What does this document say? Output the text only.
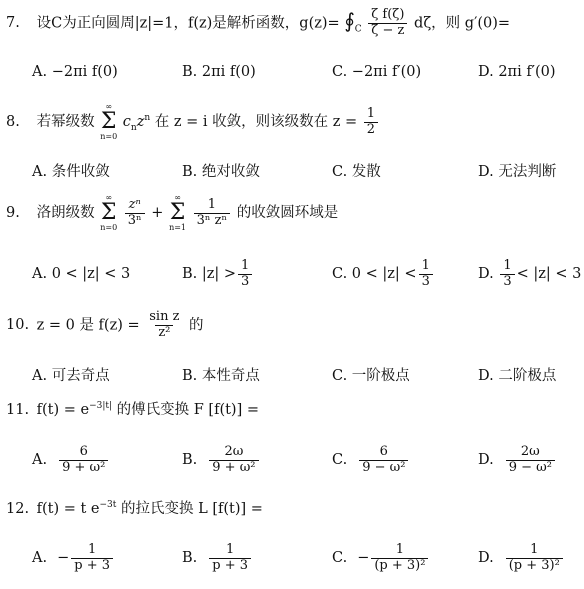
7. 设C为正向圆周|z|=1，f(z)是解析函数，$g(z)= ∮_C \frac{\text{ζ f(ζ)}}{\zeta - z}$ dζ，则 g′(0)=
A. −2πi f(0)	B. 2πi f(0)	C. −2πi f′(0)	D. 2πi f′(0)
8. 若幂级数
∞
Σ
n=0
$c_nz^n$ 在 z = i 收敛，则该级数在 $z = \frac{1}{2}$
A. 条件收敛	B. 绝对收敛	C. 发散	D. 无法判断
9. 洛朗级数
∞
Σ
n=0
$\frac{\text{zⁿ}}{\text{3ⁿ}}$ +
∞
Σ
n=1
$\frac{1}{\text{3ⁿ zⁿ}}$ 的收敛圆环域是
A. 0 < |z| < 3	B. $|z| > \frac{1}{3}$	C. $0 < |z| < \frac{1}{3}$	D.
$\frac{1}{3} < |z| < 3$
10. z = 0 是 $f(z) = \frac{\text{sin z}}{\text{z²}}$ 的
A. 可去奇点	B. 本性奇点	C. 一阶极点	D. 二阶极点
11. $f(t) = e^{-3|t|}$ 的傅氏变换 F [f(t)] =
A. $\frac{6}{\text{9 + ω²}}$	B. $\frac{2\omega}{\text{9 + ω²}}$	C. $\frac{6}{\text{9 − ω²}}$	D. $\frac{2\omega}{\text{9 − ω²}}$
12. f(t) = t $e^{-3t}$ 的拉氏变换 L [f(t)] =
A. − $\frac{1}{p + 3}$	B. $\frac{1}{p + 3}$	C. − $\frac{1}{\text{(p + 3)²}}$	D. $\frac{1}{\text{(p + 3)²}}$
